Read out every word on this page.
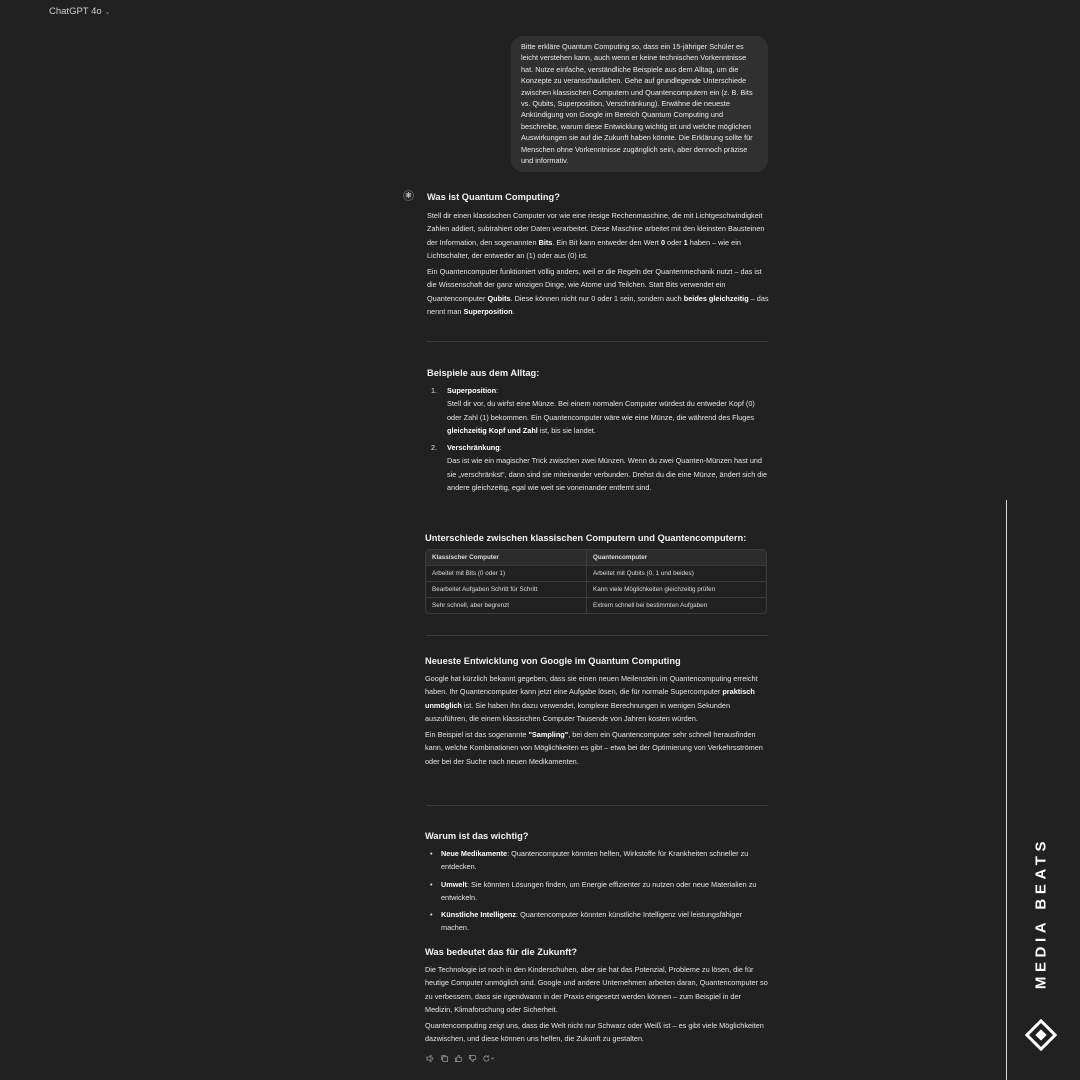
ChatGPT 4o ⌄
Bitte erkläre Quantum Computing so, dass ein 15-jähriger Schüler es leicht verstehen kann, auch wenn er keine technischen Vorkenntnisse hat. Nutze einfache, verständliche Beispiele aus dem Alltag, um die Konzepte zu veranschaulichen. Gehe auf grundlegende Unterschiede zwischen klassischen Computern und Quantencomputern ein (z. B. Bits vs. Qubits, Superposition, Verschränkung). Erwähne die neueste Ankündigung von Google im Bereich Quantum Computing und beschreibe, warum diese Entwicklung wichtig ist und welche möglichen Auswirkungen sie auf die Zukunft haben könnte. Die Erklärung sollte für Menschen ohne Vorkenntnisse zugänglich sein, aber dennoch präzise und informativ.
❋ Was ist Quantum Computing?
Stell dir einen klassischen Computer vor wie eine riesige Rechenmaschine, die mit Lichtgeschwindigkeit Zahlen addiert, subtrahiert oder Daten verarbeitet. Diese Maschine arbeitet mit den kleinsten Bausteinen der Information, den sogenannten Bits. Ein Bit kann entweder den Wert 0 oder 1 haben – wie ein Lichtschalter, der entweder an (1) oder aus (0) ist.
Ein Quantencomputer funktioniert völlig anders, weil er die Regeln der Quantenmechanik nutzt – das ist die Wissenschaft der ganz winzigen Dinge, wie Atome und Teilchen. Statt Bits verwendet ein Quantencomputer Qubits. Diese können nicht nur 0 oder 1 sein, sondern auch beides gleichzeitig – das nennt man Superposition.
Beispiele aus dem Alltag:
1.	Superposition:
Stell dir vor, du wirfst eine Münze. Bei einem normalen Computer würdest du entweder Kopf (0) oder Zahl (1) bekommen. Ein Quantencomputer wäre wie eine Münze, die während des Fluges gleichzeitig Kopf und Zahl ist, bis sie landet.
2.	Verschränkung:
Das ist wie ein magischer Trick zwischen zwei Münzen. Wenn du zwei Quanten-Münzen hast und sie „verschränkst“, dann sind sie miteinander verbunden. Drehst du die eine Münze, ändert sich die andere gleichzeitig, egal wie weit sie voneinander entfernt sind.
Unterschiede zwischen klassischen Computern und Quantencomputern:
Klassischer Computer	Quantencomputer
Arbeitet mit Bits (0 oder 1)	Arbeitet mit Qubits (0, 1 und beides)
Bearbeitet Aufgaben Schritt für Schritt	Kann viele Möglichkeiten gleichzeitig prüfen
Sehr schnell, aber begrenzt	Extrem schnell bei bestimmten Aufgaben
Neueste Entwicklung von Google im Quantum Computing
Google hat kürzlich bekannt gegeben, dass sie einen neuen Meilenstein im Quantencomputing erreicht haben. Ihr Quantencomputer kann jetzt eine Aufgabe lösen, die für normale Supercomputer praktisch unmöglich ist. Sie haben ihn dazu verwendet, komplexe Berechnungen in wenigen Sekunden auszuführen, die einem klassischen Computer Tausende von Jahren kosten würden.
Ein Beispiel ist das sogenannte "Sampling", bei dem ein Quantencomputer sehr schnell herausfinden kann, welche Kombinationen von Möglichkeiten es gibt – etwa bei der Optimierung von Verkehrsströmen oder bei der Suche nach neuen Medikamenten.
Warum ist das wichtig?
•	Neue Medikamente: Quantencomputer könnten helfen, Wirkstoffe für Krankheiten schneller zu entdecken.
•	Umwelt: Sie könnten Lösungen finden, um Energie effizienter zu nutzen oder neue Materialien zu entwickeln.
•	Künstliche Intelligenz: Quantencomputer könnten künstliche Intelligenz viel leistungsfähiger machen.
Was bedeutet das für die Zukunft?
Die Technologie ist noch in den Kinderschuhen, aber sie hat das Potenzial, Probleme zu lösen, die für heutige Computer unmöglich sind. Google und andere Unternehmen arbeiten daran, Quantencomputer so zu verbessern, dass sie irgendwann in der Praxis eingesetzt werden können – zum Beispiel in der Medizin, Klimaforschung oder Sicherheit.
Quantencomputing zeigt uns, dass die Welt nicht nur Schwarz oder Weiß ist – es gibt viele Möglichkeiten dazwischen, und diese können uns helfen, die Zukunft zu gestalten.
MEDIA BEATS
